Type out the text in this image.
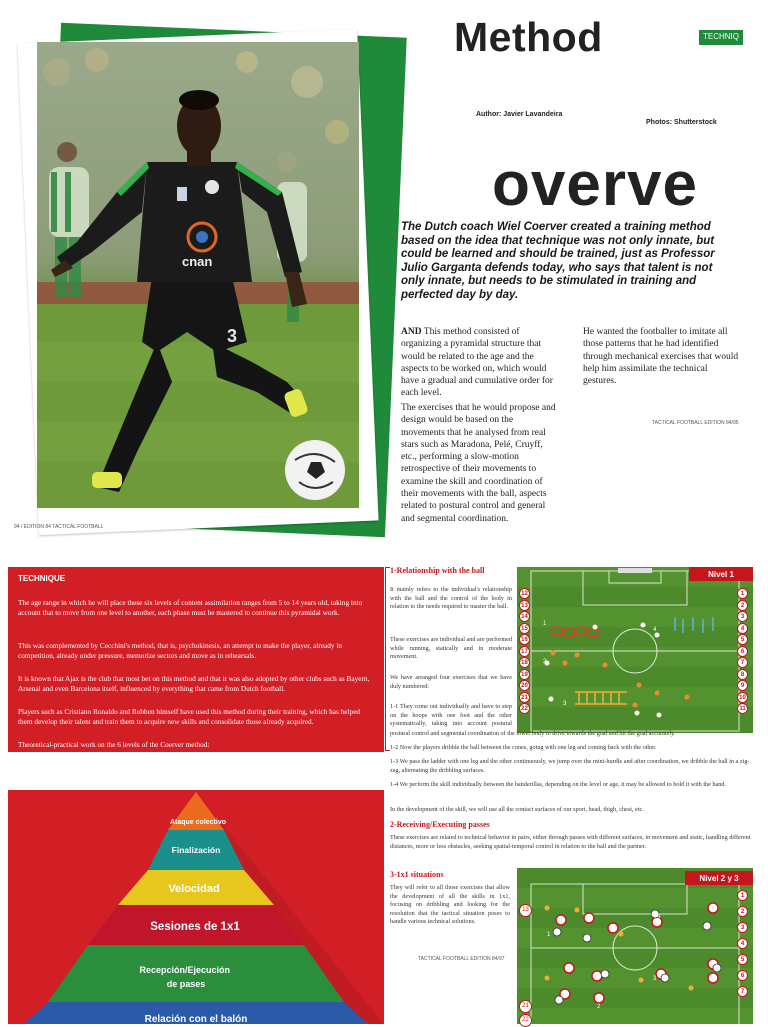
3
cnan
94 / EDITION 84 TACTICAL FOOTBALL
Method	TECHNIQ
Author: Javier Lavandeira
Photos: Shutterstock
overve
The Dutch coach Wiel Coerver created a training method based on the idea that technique was not only innate, but could be learned and should be trained, just as Professor Julio Garganta defends today, who says that talent is not only innate, but needs to be stimulated in training and perfected day by day.
AND This method consisted of organizing a pyramidal structure that would be related to the age and the aspects to be worked on, which would have a gradual and cumulative order for each level.
The exercises that he would propose and design would be based on the movements that he analysed from real stars such as Maradona, Pelé, Cruyff, etc., performing a slow-motion retrospective of their movements to examine the skill and coordination of their movements with the ball, aspects related to postural control and general and segmental coordination.
He wanted the footballer to imitate all those patterns that he had identified through mechanical exercises that would help him assimilate the technical gestures.
TACTICAL FOOTBALL EDITION 84/95
TECHNIQUE

The age range in which he will place these six levels of content assimilation ranges from 5 to 14 years old, taking into account that to move from one level to another, each phase must be mastered to continue this pyramidal work.

This was complemented by Cecchini's method, that is, psychokinesis, an attempt to make the player, already in competition, already under pressure, memorize sectors and move as in rehearsals.

It is known that Ajax is the club that most bet on this method and that it was also adopted by other clubs such as Bayern, Arsenal and even Barcelona itself, influenced by everything that came from Dutch football.

Players such as Cristiano Ronaldo and Robben himself have used this method during their training, which has helped them develop their talent and train them to acquire new skills and consolidate those already acquired.

Theoretical-practical work on the 6 levels of the Coerver method:

Ataque colectivo
Finalización
Velocidad
Sesiones de 1x1
Recepción/Ejecución de pases
Relación con el balón
1-Relationship with the ball
It mainly refers to the individual's relationship with the ball and the control of the body in relation to the needs required to master the ball.
These exercises are individual and are performed while running, statically and in moderate movement.
We have arranged four exercises that we have duly numbered:
1-1 They come out individually and have to step on the hoops with one foot and the other systematically, taking into account postural
Nivel 1
1
2
3
4
12
13
14
15
16
17
18
19
20
21
22
1
2
3
4
5
6
7
8
9
10
11
postural control and segmental coordination of the lower body to drive towards the goal and hit the goal accurately.
1-2 Now the players dribble the ball between the cones, going with one leg and coming back with the other.
1-3 We pass the ladder with one leg and the other continuously, we jump over the mini-hurdle and after coordination, we dribble the ball in a zig-zag, alternating the dribbling surfaces.
1-4 We perform the skill individually between the banderillas, depending on the level or age, it may be allowed to hold it with the hand.
In the development of the skill, we will use all the contact surfaces of our sport, head, thigh, chest, etc.
2-Receiving/Executing passes
These exercises are related to technical behavior in pairs, either through passes with different surfaces, in movement and static, handling different distances, more or less obstacles, seeking spatial-temporal control in relation to the ball and the partner.
3-1x1 situations
They will refer to all those exercises that allow the development of all the skills in 1x1, focusing on dribbling and looking for the resolution that the tactical situation poses to handle various technical solutions.
TACTICAL FOOTBALL EDITION 84/97
Nivel 2 y 3
4
1
3
2
13
21
22
1
2
3
4
5
6
7
